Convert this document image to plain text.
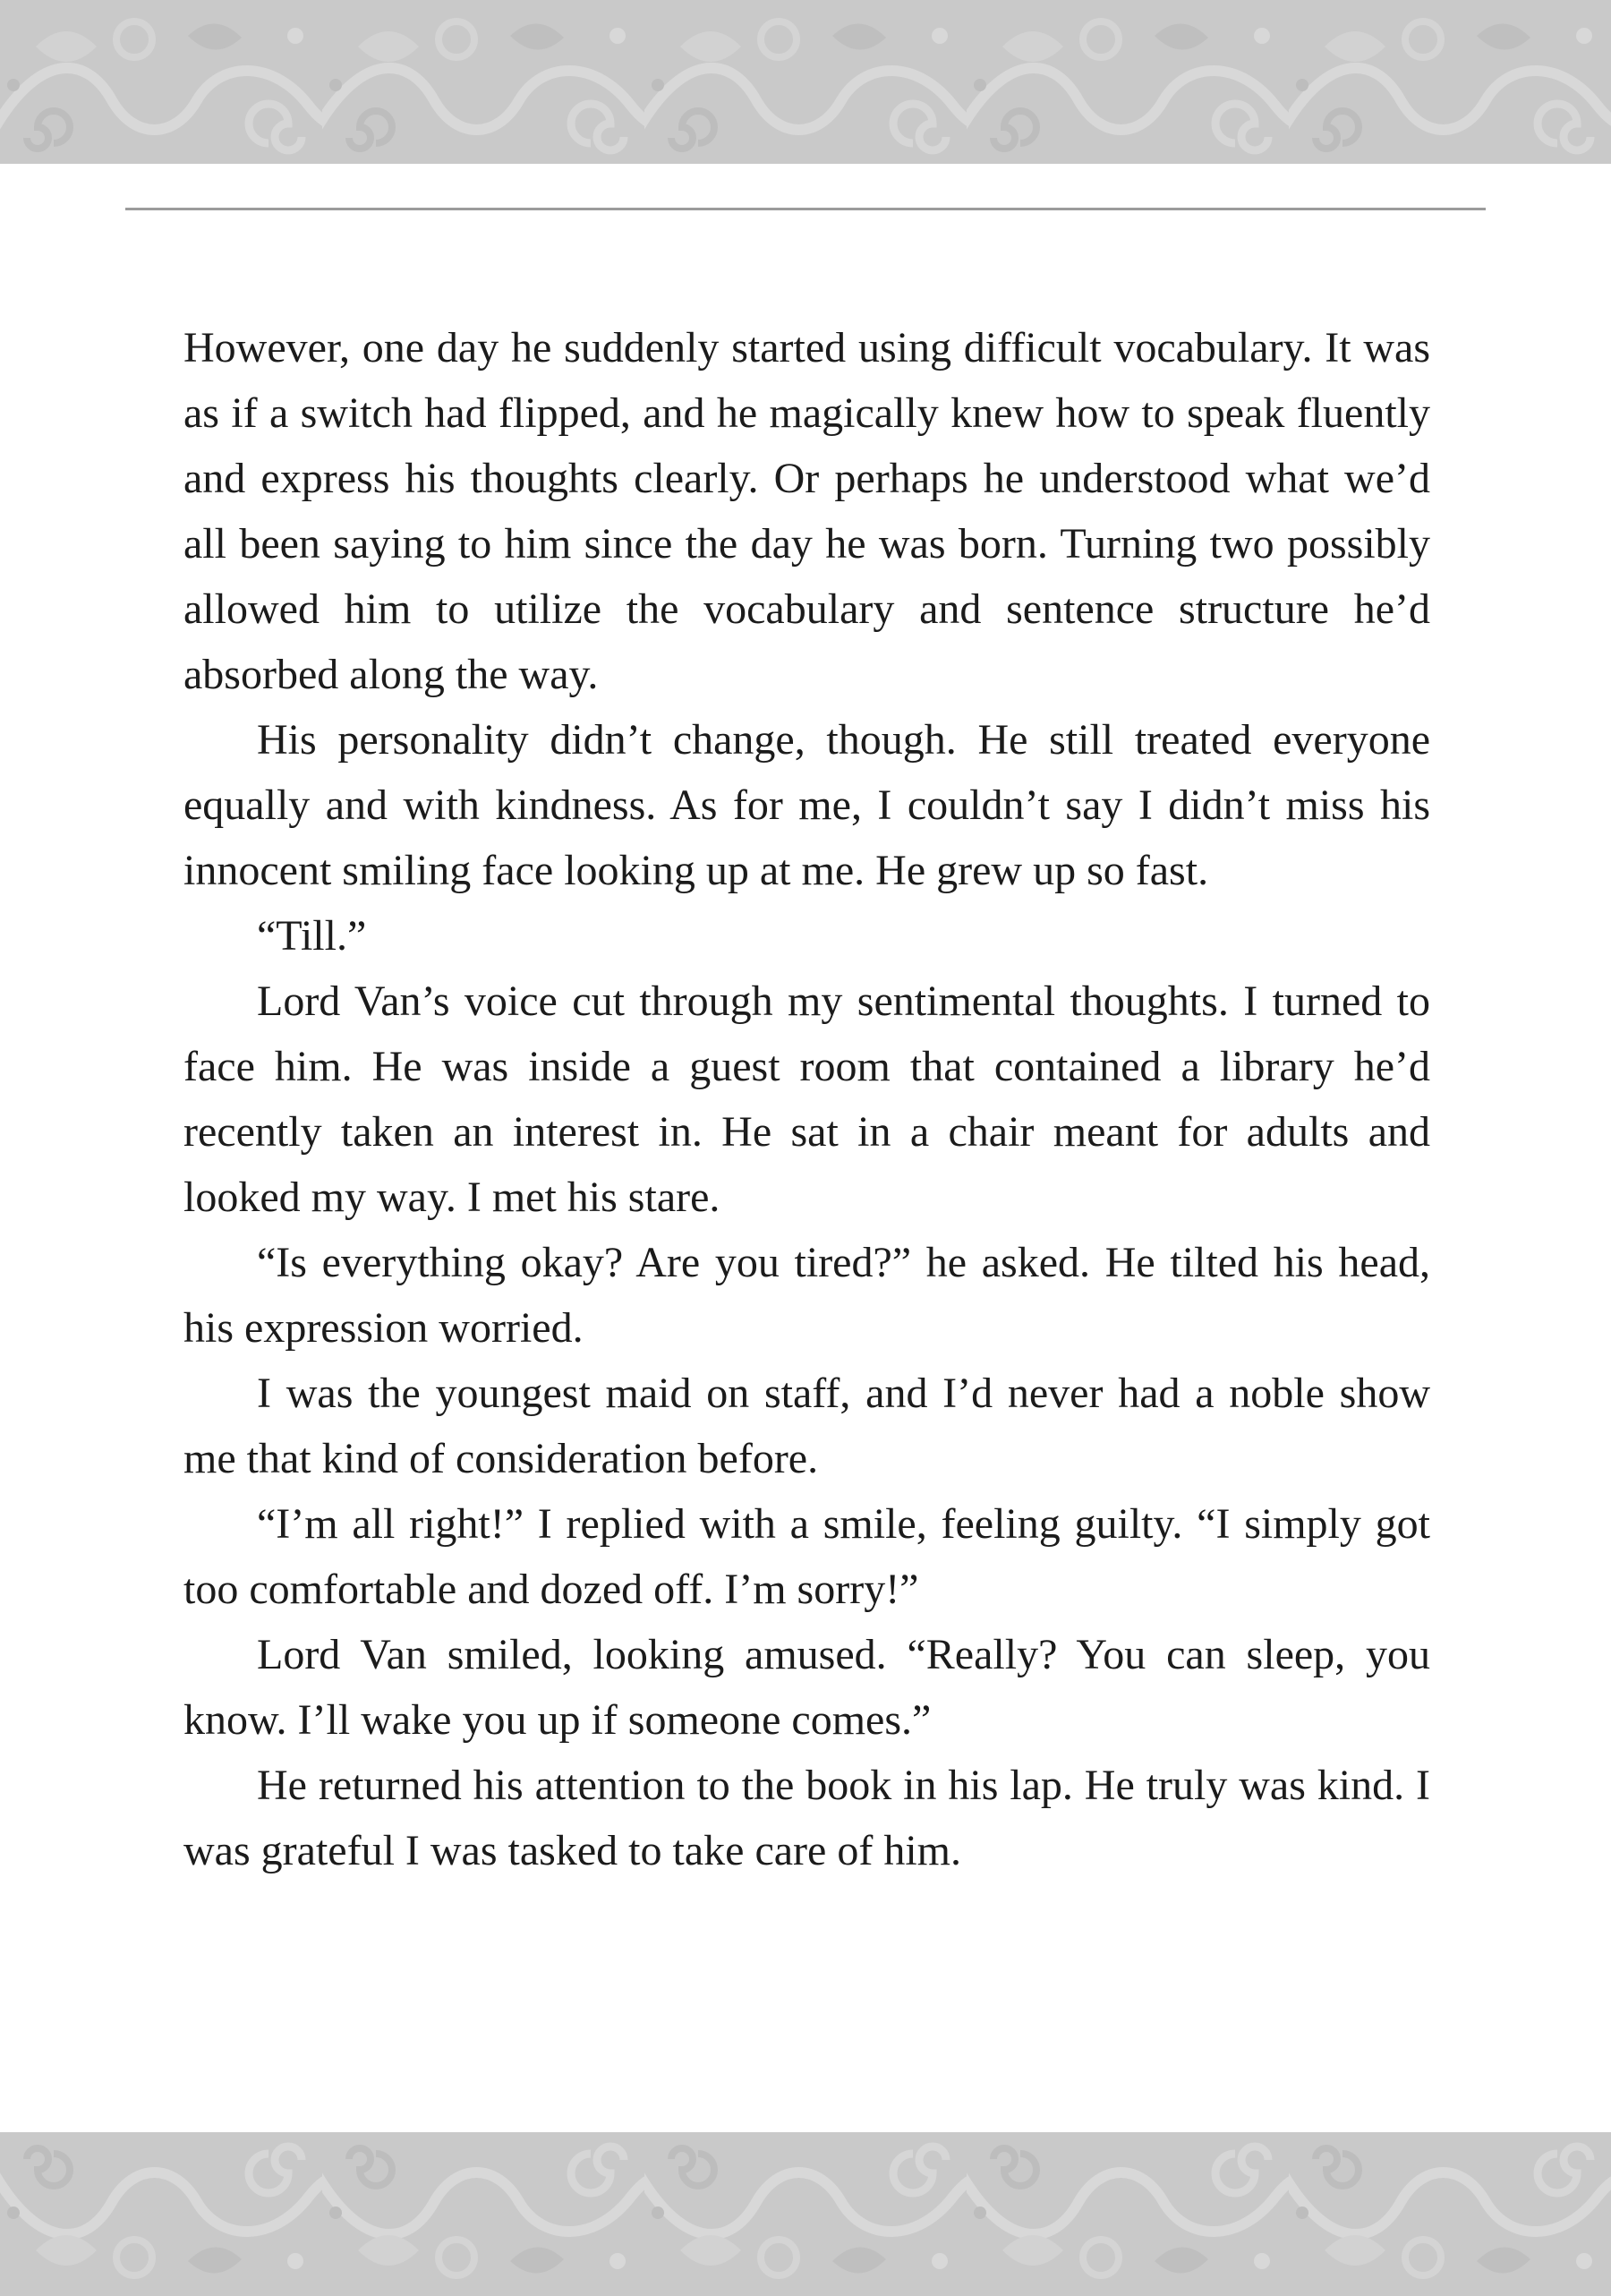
However, one day he suddenly started using difficult vocabulary. It was as if a switch had flipped, and he magically knew how to speak fluently and express his thoughts clearly. Or perhaps he understood what we’d all been saying to him since the day he was born. Turning two possibly allowed him to utilize the vocabulary and sentence structure he’d absorbed along the way.

His personality didn’t change, though. He still treated everyone equally and with kindness. As for me, I couldn’t say I didn’t miss his innocent smiling face looking up at me. He grew up so fast.

“Till.”

Lord Van’s voice cut through my sentimental thoughts. I turned to face him. He was inside a guest room that contained a library he’d recently taken an interest in. He sat in a chair meant for adults and looked my way. I met his stare.

“Is everything okay? Are you tired?” he asked. He tilted his head, his expression worried.

I was the youngest maid on staff, and I’d never had a noble show me that kind of consideration before.

“I’m all right!” I replied with a smile, feeling guilty. “I simply got too comfortable and dozed off. I’m sorry!”

Lord Van smiled, looking amused. “Really? You can sleep, you know. I’ll wake you up if someone comes.”

He returned his attention to the book in his lap. He truly was kind. I was grateful I was tasked to take care of him.
